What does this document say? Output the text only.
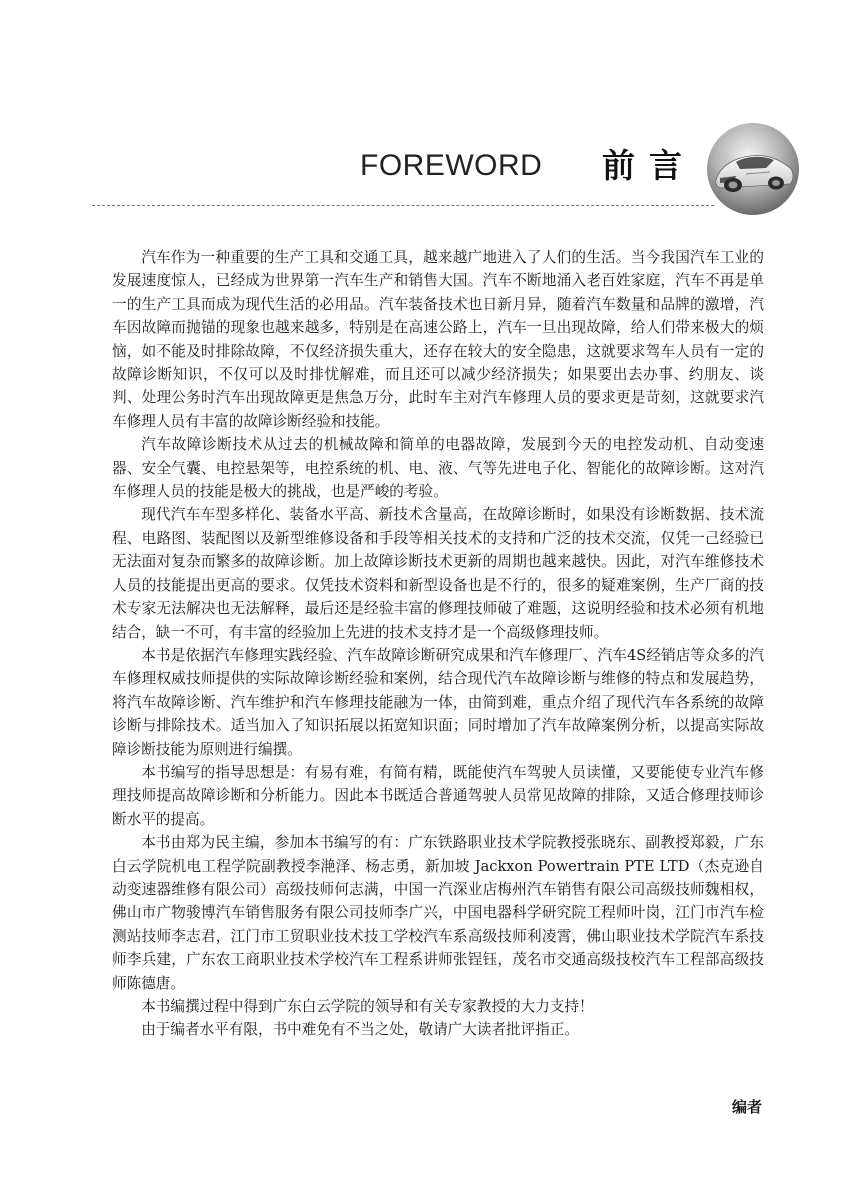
FOREWORD 前言

汽车作为一种重要的生产工具和交通工具，越来越广地进入了人们的生活。当今我国汽车工业的发展速度惊人，已经成为世界第一汽车生产和销售大国。汽车不断地涌入老百姓家庭，汽车不再是单一的生产工具而成为现代生活的必用品。汽车装备技术也日新月异，随着汽车数量和品牌的激增，汽车因故障而抛锚的现象也越来越多，特别是在高速公路上，汽车一旦出现故障，给人们带来极大的烦恼，如不能及时排除故障，不仅经济损失重大，还存在较大的安全隐患，这就要求驾车人员有一定的故障诊断知识，不仅可以及时排忧解难，而且还可以减少经济损失；如果要出去办事、约朋友、谈判、处理公务时汽车出现故障更是焦急万分，此时车主对汽车修理人员的要求更是苛刻，这就要求汽车修理人员有丰富的故障诊断经验和技能。

汽车故障诊断技术从过去的机械故障和简单的电器故障，发展到今天的电控发动机、自动变速器、安全气囊、电控悬架等，电控系统的机、电、液、气等先进电子化、智能化的故障诊断。这对汽车修理人员的技能是极大的挑战，也是严峻的考验。

现代汽车车型多样化、装备水平高、新技术含量高，在故障诊断时，如果没有诊断数据、技术流程、电路图、装配图以及新型维修设备和手段等相关技术的支持和广泛的技术交流，仅凭一己经验已无法面对复杂而繁多的故障诊断。加上故障诊断技术更新的周期也越来越快。因此，对汽车维修技术人员的技能提出更高的要求。仅凭技术资料和新型设备也是不行的，很多的疑难案例，生产厂商的技术专家无法解决也无法解释，最后还是经验丰富的修理技师破了难题，这说明经验和技术必须有机地结合，缺一不可，有丰富的经验加上先进的技术支持才是一个高级修理技师。

本书是依据汽车修理实践经验、汽车故障诊断研究成果和汽车修理厂、汽车4S经销店等众多的汽车修理权威技师提供的实际故障诊断经验和案例，结合现代汽车故障诊断与维修的特点和发展趋势，将汽车故障诊断、汽车维护和汽车修理技能融为一体，由简到难，重点介绍了现代汽车各系统的故障诊断与排除技术。适当加入了知识拓展以拓宽知识面；同时增加了汽车故障案例分析，以提高实际故障诊断技能为原则进行编撰。

本书编写的指导思想是：有易有难，有简有精，既能使汽车驾驶人员读懂，又要能使专业汽车修理技师提高故障诊断和分析能力。因此本书既适合普通驾驶人员常见故障的排除，又适合修理技师诊断水平的提高。

本书由郑为民主编，参加本书编写的有：广东铁路职业技术学院教授张晓东、副教授郑毅，广东白云学院机电工程学院副教授李滟泽、杨志勇，新加坡 Jackxon Powertrain PTE LTD（杰克逊自动变速器维修有限公司）高级技师何志满，中国一汽深业店梅州汽车销售有限公司高级技师魏相权，佛山市广物骏博汽车销售服务有限公司技师李广兴，中国电器科学研究院工程师叶岗，江门市汽车检测站技师李志君，江门市工贸职业技术技工学校汽车系高级技师利凌霄，佛山职业技术学院汽车系技师李兵建，广东农工商职业技术学校汽车工程系讲师张锃钰，茂名市交通高级技校汽车工程部高级技师陈德唐。

本书编撰过程中得到广东白云学院的领导和有关专家教授的大力支持！

由于编者水平有限，书中难免有不当之处，敬请广大读者批评指正。

编者
